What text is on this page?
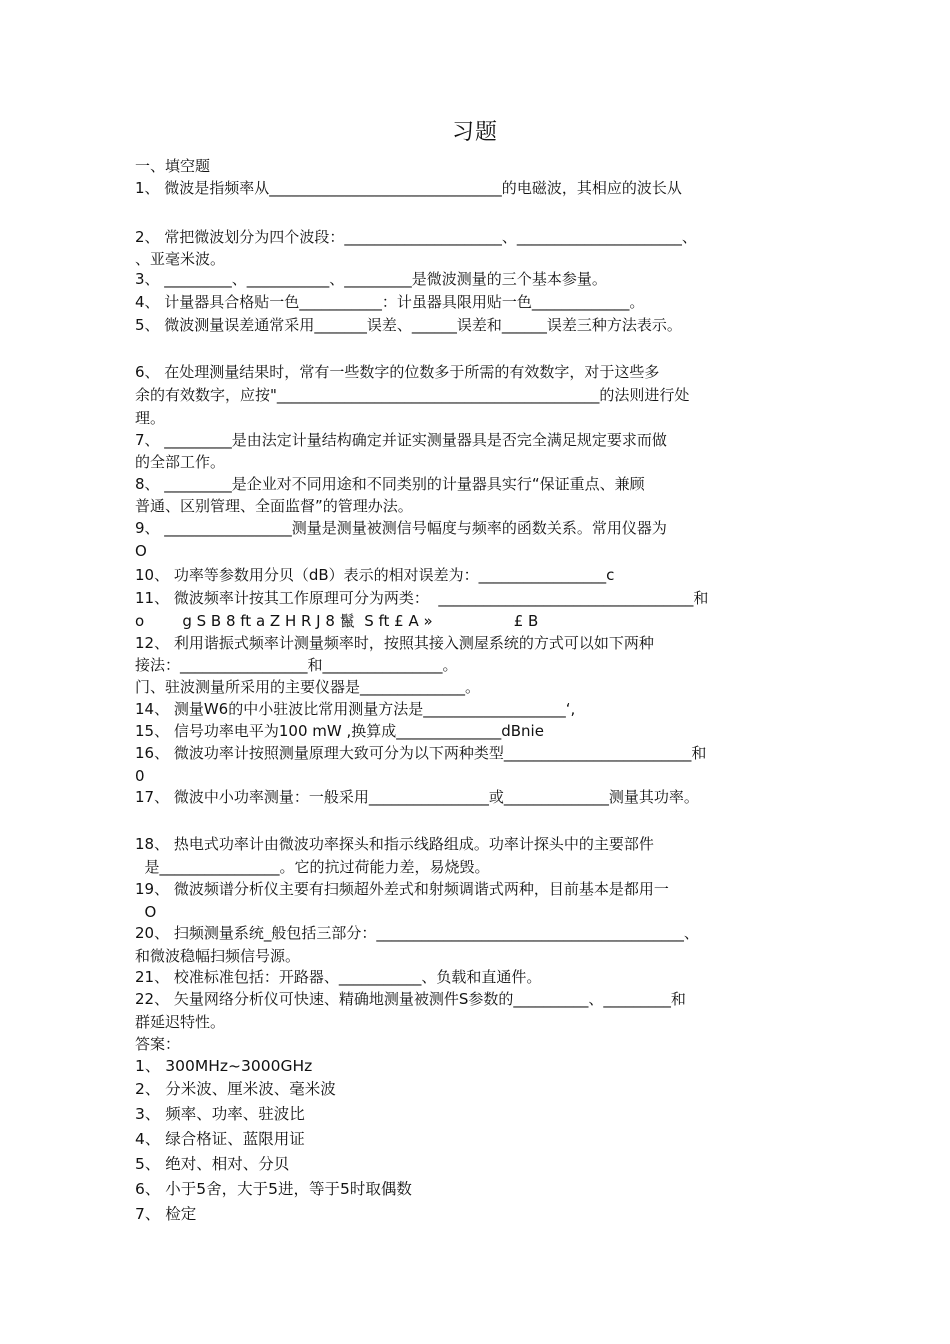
习题
一、填空题
1、 微波是指频率从_______________________________的电磁波，其相应的波长从
2、 常把微波划分为四个波段：_____________________、______________________、
、亚毫米波。
3、 _________、___________、_________是微波测量的三个基本参量。
4、 计量器具合格贴一色___________：计虽器具限用贴一色_____________。
5、 微波测量误差通常采用_______误差、______误差和______误差三种方法表示。
6、 在处理测量结果时，常有一些数字的位数多于所需的有效数字，对于这些多
余的有效数字，应按"___________________________________________的法则进行处
理。
7、 _________是由法定计量结构确定并证实测量器具是否完全满足规定要求而做
的全部工作。
8、 _________是企业对不同用途和不同类别的计量器具实行“保证重点、兼顾
普通、区别管理、全面监督”的管理办法。
9、 _________________测量是测量被测信号幅度与频率的函数关系。常用仪器为
O
10、 功率等参数用分贝（dB）表示的相对误差为：_________________c
11、 微波频率计按其工作原理可分为两类：  __________________________________和
o        g S B 8 ft a Z H R J 8 鬣  S ft £ A »                 £ B
12、 利用谐振式频率计测量频率时，按照其接入测屋系统的方式可以如下两种
接法：_________________和________________。
门、驻波测量所采用的主要仪器是______________。
14、 测量W6的中小驻波比常用测量方法是___________________‘,
15、 信号功率电平为100 mW ,换算成______________dBnie
16、 微波功率计按照测量原理大致可分为以下两种类型_________________________和
0
17、 微波中小功率测量：一般采用________________或______________测量其功率。
18、 热电式功率计由微波功率探头和指示线路组成。功率计探头中的主要部件
是________________。它的抗过荷能力差，易烧毁。
19、 微波频谱分析仪主要有扫频超外差式和射频调谐式两种，目前基本是都用一
O
20、 扫频测量系统_般包括三部分：_________________________________________、
和微波稳幅扫频信号源。
21、 校准标准包括：开路器、___________、负载和直通件。
22、 矢量网络分析仪可快速、精确地测量被测件S参数的__________、_________和
群延迟特性。
答案：
1、 300MHz~3000GHz
2、 分米波、厘米波、毫米波
3、 频率、功率、驻波比
4、 绿合格证、蓝限用证
5、 绝对、相对、分贝
6、 小于5舍，大于5进，等于5时取偶数
7、 检定
